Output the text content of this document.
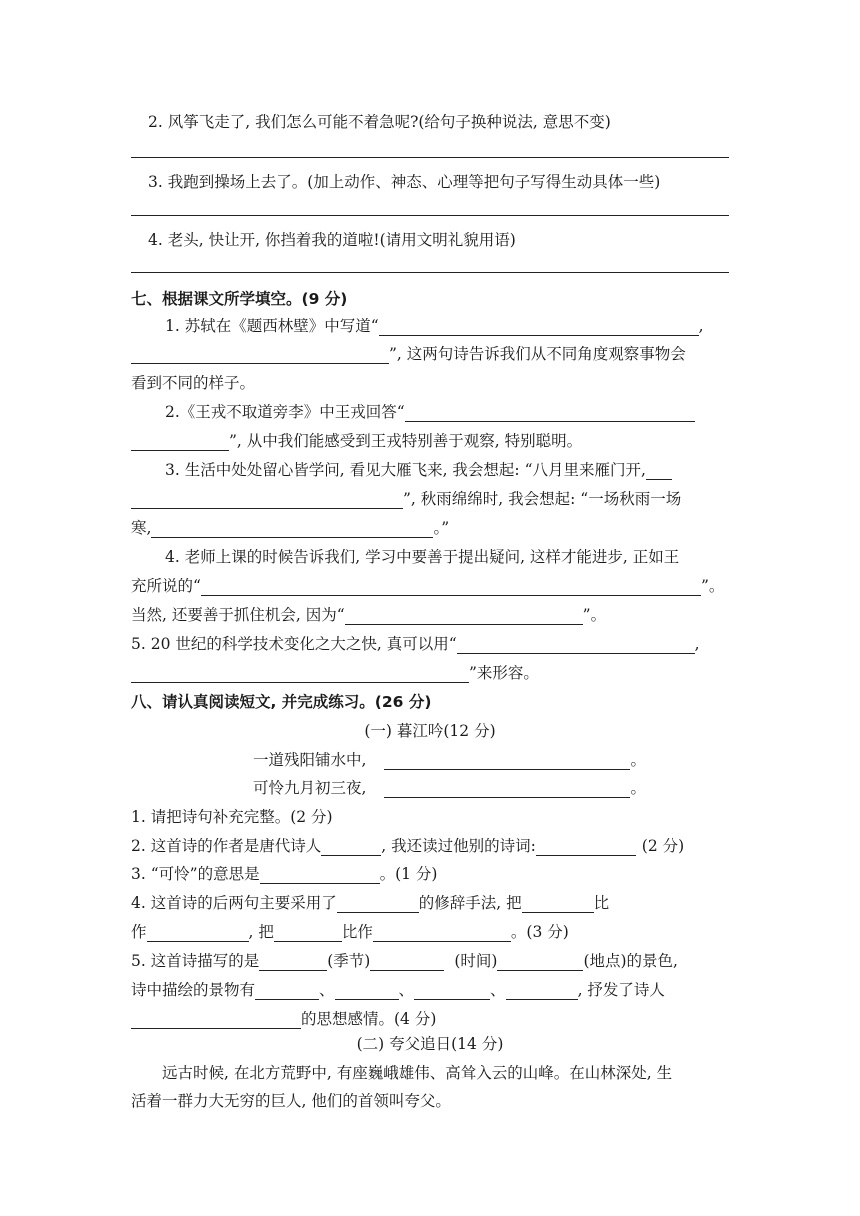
2. 风筝飞走了, 我们怎么可能不着急呢?(给句子换种说法, 意思不变)
3. 我跑到操场上去了。(加上动作、神态、心理等把句子写得生动具体一些)
4. 老头, 快让开, 你挡着我的道啦!(请用文明礼貌用语)
七、根据课文所学填空。(9 分)
1. 苏轼在《题西林壁》中写道“	,
”, 这两句诗告诉我们从不同角度观察事物会
看到不同的样子。
2.《王戎不取道旁李》中王戎回答“
”, 从中我们能感受到王戎特别善于观察, 特别聪明。
3. 生活中处处留心皆学问, 看见大雁飞来, 我会想起: “八月里来雁门开,
”, 秋雨绵绵时, 我会想起: “一场秋雨一场
寒,	。”
4. 老师上课的时候告诉我们, 学习中要善于提出疑问, 这样才能进步, 正如王
充所说的“	”。
当然, 还要善于抓住机会, 因为“	”。
5. 20 世纪的科学技术变化之大之快, 真可以用“	,
”来形容。
八、请认真阅读短文, 并完成练习。(26 分)
(一) 暮江吟(12 分)
一道残阳铺水中,	。
可怜九月初三夜,	。
1. 请把诗句补充完整。(2 分)
2. 这首诗的作者是唐代诗人	, 我还读过他别的诗词:	(2 分)
3. “可怜”的意思是	。(1 分)
4. 这首诗的后两句主要采用了	的修辞手法, 把	比
作	, 把	比作	。(3 分)
5. 这首诗描写的是	(季节)	(时间)	(地点)的景色,
诗中描绘的景物有	、	、	、	, 抒发了诗人
的思想感情。(4 分)
(二) 夸父追日(14 分)
远古时候, 在北方荒野中, 有座巍峨雄伟、高耸入云的山峰。在山林深处, 生
活着一群力大无穷的巨人, 他们的首领叫夸父。
